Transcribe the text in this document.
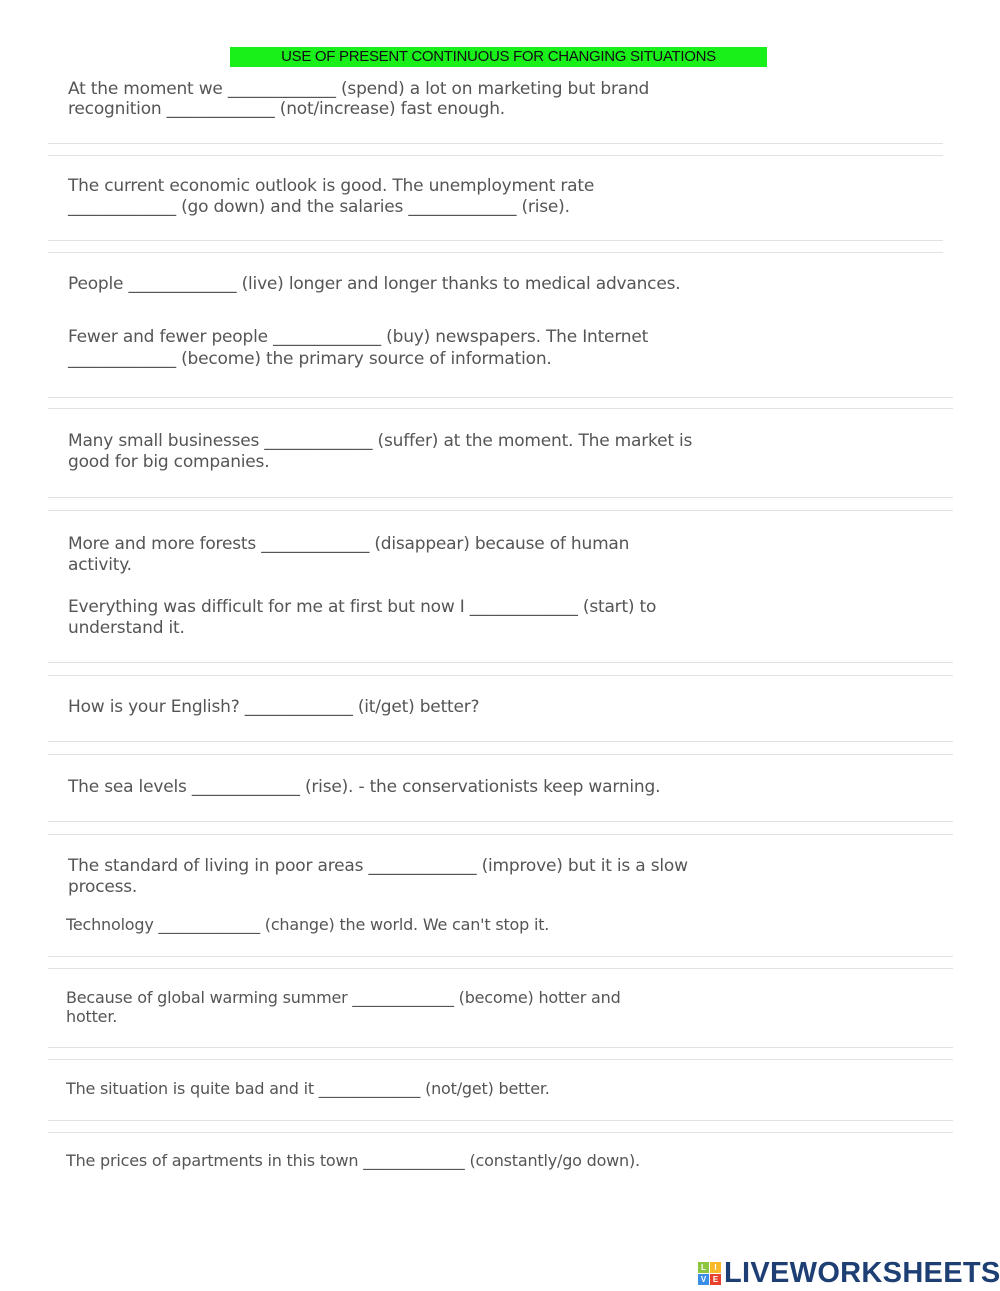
USE OF PRESENT CONTINUOUS FOR CHANGING SITUATIONS
At the moment we _____________ (spend) a lot on marketing but brand
recognition _____________ (not/increase) fast enough.
The current economic outlook is good. The unemployment rate
_____________ (go down) and the salaries _____________ (rise).
People _____________ (live) longer and longer thanks to medical advances.
Fewer and fewer people _____________ (buy) newspapers. The Internet
_____________ (become) the primary source of information.
Many small businesses _____________ (suffer) at the moment. The market is
good for big companies.
More and more forests _____________ (disappear) because of human
activity.
Everything was difficult for me at first but now I _____________ (start) to
understand it.
How is your English? _____________ (it/get) better?
The sea levels _____________ (rise). - the conservationists keep warning.
The standard of living in poor areas _____________ (improve) but it is a slow
process.
Technology _____________ (change) the world. We can't stop it.
Because of global warming summer _____________ (become) hotter and
hotter.
The situation is quite bad and it _____________ (not/get) better.
The prices of apartments in this town _____________ (constantly/go down).
L	I
V E LIVEWORKSHEETS
